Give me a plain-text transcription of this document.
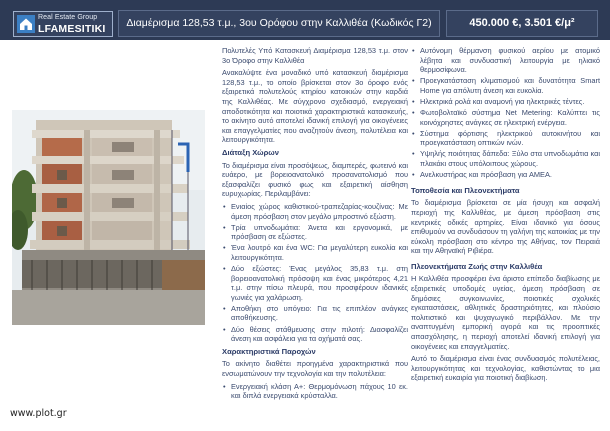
Real Estate Group
LFAMESITIKI	Διαμέρισμα 128,53 τ.μ., 3ου Ορόφου στην Καλλιθέα (Κωδικός Γ2)	450.000 €, 3.501 €/μ²
www.plot.gr

Πολυτελές Υπό Κατασκευή Διαμέρισμα 128,53 τ.μ. στον 3ο Όροφο στην Καλλιθέα

Ανακαλύψτε ένα μοναδικό υπό κατασκευή διαμέρισμα 128,53 τ.μ., το οποίο βρίσκεται στον 3ο όροφο ενός εξαιρετικά πολυτελούς κτηρίου κατοικιών στην καρδιά της Καλλιθέας. Με σύγχρονο σχεδιασμό, ενεργειακή αποδοτικότητα και ποιοτικά χαρακτηριστικά κατασκευής, το ακίνητο αυτό αποτελεί ιδανική επιλογή για οικογένειες και επαγγελματίες που αναζητούν άνεση, πολυτέλεια και λειτουργικότητα.

Διάταξη Χώρων

Το διαμέρισμα είναι προσόψεως, διαμπερές, φωτεινό και ευάερο, με βορειοανατολικό προσανατολισμό που εξασφαλίζει φυσικό φως και εξαιρετική αίσθηση ευρυχωρίας. Περιλαμβάνει:

• Ενιαίος χώρος καθιστικού-τραπεζαρίας-κουζίνας: Με άμεση πρόσβαση στον μεγάλο μπροστινό εξώστη.
• Τρία υπνοδωμάτια: Άνετα και εργονομικά, με πρόσβαση σε εξώστες.
• Ένα λουτρό και ένα WC: Για μεγαλύτερη ευκολία και λειτουργικότητα.
• Δύο εξώστες: Ένας μεγάλος 35,83 τ.μ. στη βορειοανατολική πρόσοψη και ένας μικρότερος 4,21 τ.μ. στην πίσω πλευρά, που προσφέρουν ιδανικές γωνιές για χαλάρωση.
• Αποθήκη στο υπόγειο: Για τις επιπλέον ανάγκες αποθήκευσης.
• Δύο θέσεις στάθμευσης στην πιλοτή: Διασφαλίζει άνεση και ασφάλεια για τα οχήματά σας.
Χαρακτηριστικά Παροχών

Το ακίνητο διαθέτει προηγμένα χαρακτηριστικά που ενσωματώνουν την τεχνολογία και την πολυτέλεια:

• Ενεργειακή κλάση Α+: Θερμομόνωση πάχους 10 εκ. και διπλά ενεργειακά κρύσταλλα.
• Αυτόνομη θέρμανση φυσικού αερίου με ατομικό λέβητα και συνδυαστική λειτουργία με ηλιακό θερμοσίφωνα.
• Προεγκατάσταση κλιματισμού και δυνατότητα Smart Home για απόλυτη άνεση και ευκολία.
• Ηλεκτρικά ρολά και αναμονή για ηλεκτρικές τέντες.
• Φωτοβολταϊκό σύστημα Net Metering: Καλύπτει τις κοινόχρηστες ανάγκες σε ηλεκτρική ενέργεια.
• Σύστημα φόρτισης ηλεκτρικού αυτοκινήτου και προεγκατάσταση οπτικών ινών.
• Υψηλής ποιότητας δάπεδα: Ξύλο στα υπνοδωμάτια και πλακάκι στους υπόλοιπους χώρους.
• Ανελκυστήρας και πρόσβαση για ΑΜΕΑ.
Τοποθεσία και Πλεονεκτήματα

Το διαμέρισμα βρίσκεται σε μία ήσυχη και ασφαλή περιοχή της Καλλιθέας, με άμεση πρόσβαση στις κεντρικές οδικές αρτηρίες. Είναι ιδανικό για όσους επιθυμούν να συνδυάσουν τη γαλήνη της κατοικίας με την εύκολη πρόσβαση στο κέντρο της Αθήνας, τον Πειραιά και την Αθηναϊκή Ριβιέρα.

Πλεονεκτήματα Ζωής στην Καλλιθέα

Η Καλλιθέα προσφέρει ένα άριστο επίπεδο διαβίωσης με εξαιρετικές υποδομές υγείας, άμεση πρόσβαση σε δημόσιες συγκοινωνίες, ποιοτικές σχολικές εγκαταστάσεις, αθλητικές δραστηριότητες, και πλούσιο πολιτιστικό και ψυχαγωγικό περιβάλλον. Με την αναπτυγμένη εμπορική αγορά και τις προοπτικές απασχόλησης, η περιοχή αποτελεί ιδανική επιλογή για οικογένειες και επαγγελματίες.

Αυτό το διαμέρισμα είναι ένας συνδυασμός πολυτέλειας, λειτουργικότητας και τεχνολογίας, καθιστώντας το μια εξαιρετική ευκαιρία για ποιοτική διαβίωση.
